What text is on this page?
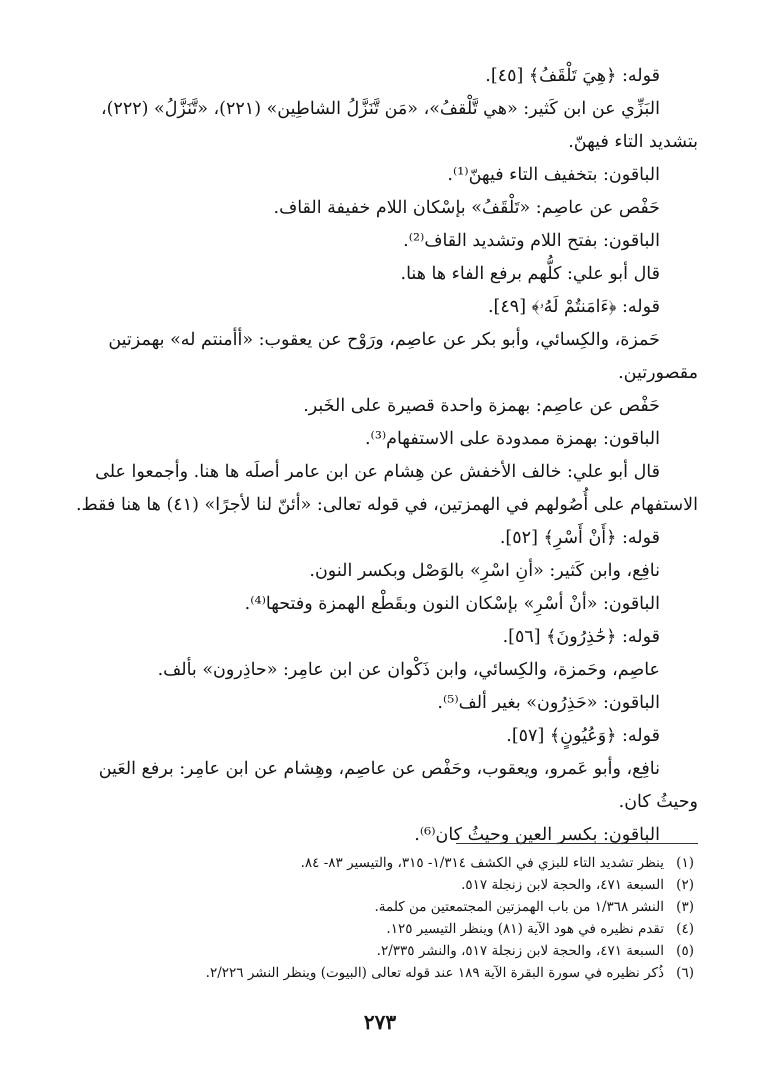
قوله: ﴿هِيَ تَلْقَفُ﴾ [٤٥].

البَزِّي عن ابن كَثير: «هي تَّلْقفُ»، «مَن تَّنَزَّلُ الشاطِين» (٢٢١)، «تَّنَزَّلُ» (٢٢٢)،

بتشديد التاء فيهنّ.

الباقون: بتخفيف التاء فيهنّ⁽¹⁾.

حَفْص عن عاصِم: «تَلْقَفُ» بإسْكان اللام خفيفة القاف.

الباقون: بفتح اللام وتشديد القاف⁽²⁾.

قال أبو علي: كلُّهم برفع الفاء ها هنا.

قوله: ﴿ءَامَنتُمْ لَهُۥ﴾ [٤٩].

حَمزة، والكِسائي، وأبو بكر عن عاصِم، ورَوْح عن يعقوب: «أأمنتم له» بهمزتين

مقصورتين.

حَفْص عن عاصِم: بهمزة واحدة قصيرة على الخَبر.

الباقون: بهمزة ممدودة على الاستفهام⁽³⁾.

قال أبو علي: خالف الأخفش عن هِشام عن ابن عامر أصلَه ها هنا. وأجمعوا على

الاستفهام على أُصُولهم في الهمزتين، في قوله تعالى: «أئنّ لنا لأجرًا» (٤١) ها هنا فقط.

قوله: ﴿أَنْ أَسْرِ﴾ [٥٢].

نافِع، وابن كَثير: «أنِ اسْرِ» بالوَصْل وبكسر النون.

الباقون: «أنْ أسْرِ» بإسْكان النون وبقَطْع الهمزة وفتحها⁽⁴⁾.

قوله: ﴿حَٰذِرُونَ﴾ [٥٦].

عاصِم، وحَمزة، والكِسائي، وابن ذَكْوان عن ابن عامِر: «حاذِرون» بألف.

الباقون: «حَذِرُون» بغير ألف⁽⁵⁾.

قوله: ﴿وَعُيُونٍ﴾ [٥٧].

نافِع، وأبو عَمرو، ويعقوب، وحَفْص عن عاصِم، وهِشام عن ابن عامِر: برفع العَين

وحيثُ كان.

الباقون: بكسر العين وحيثُ كان⁽⁶⁾.

(١)
ينظر تشديد التاء للبزي في الكشف ١/٣١٤- ٣١٥، والتيسير ٨٣- ٨٤.
(٢)
السبعة ٤٧١، والحجة لابن زنجلة ٥١٧.
(٣)
النشر ١/٣٦٨ من باب الهمزتين المجتمعتين من كلمة.
(٤)
تقدم نظيره في هود الآية (٨١) وينظر التيسير ١٢٥.
(٥)
السبعة ٤٧١، والحجة لابن زنجلة ٥١٧، والنشر ٢/٣٣٥.
(٦)
ذُكر نظيره في سورة البقرة الآية ١٨٩ عند قوله تعالى (البيوت) وينظر النشر ٢/٢٢٦.
٢٧٣
